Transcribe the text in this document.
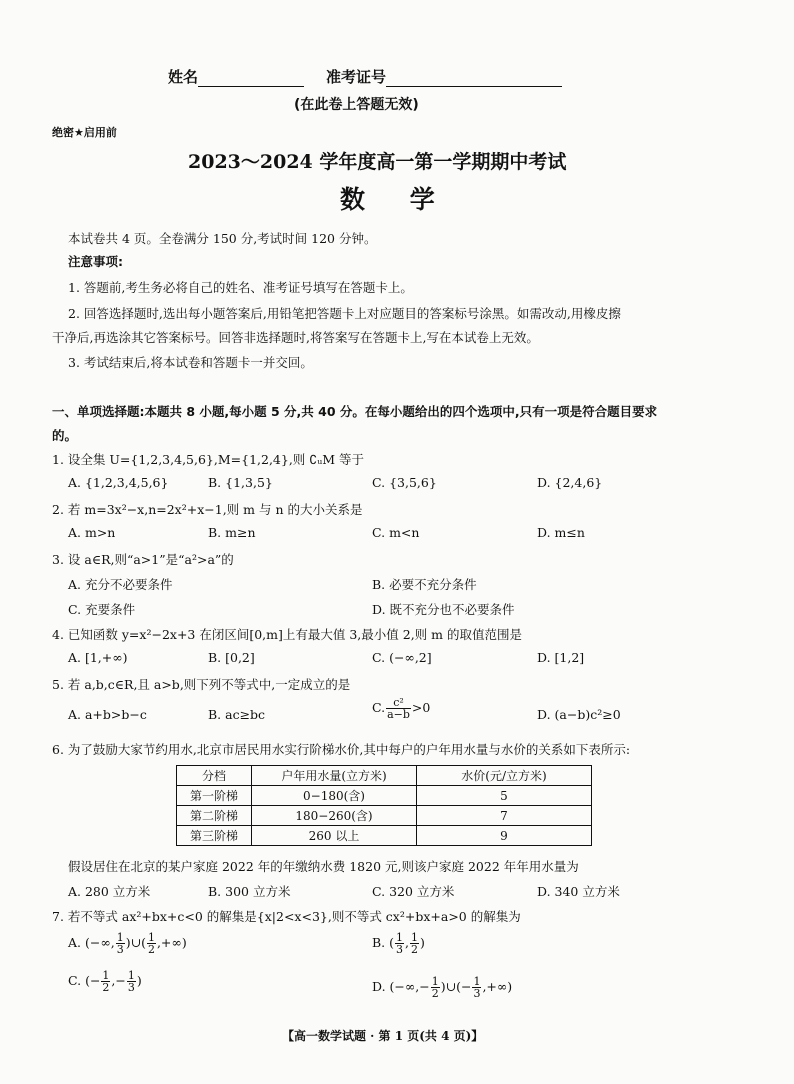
姓名	准考证号
(在此卷上答题无效)
绝密★启用前
2023～2024 学年度高一第一学期期中考试
数 学
本试卷共 4 页。全卷满分 150 分,考试时间 120 分钟。
注意事项:
1. 答题前,考生务必将自己的姓名、准考证号填写在答题卡上。
2. 回答选择题时,选出每小题答案后,用铅笔把答题卡上对应题目的答案标号涂黑。如需改动,用橡皮擦
干净后,再选涂其它答案标号。回答非选择题时,将答案写在答题卡上,写在本试卷上无效。
3. 考试结束后,将本试卷和答题卡一并交回。
一、单项选择题:本题共 8 小题,每小题 5 分,共 40 分。在每小题给出的四个选项中,只有一项是符合题目要求
的。
1. 设全集 U={1,2,3,4,5,6},M={1,2,4},则 ∁ᵤM 等于
A. {1,2,3,4,5,6}	B. {1,3,5}	C. {3,5,6}	D. {2,4,6}
2. 若 m=3x²−x,n=2x²+x−1,则 m 与 n 的大小关系是
A. m>n	B. m≥n	C. m<n	D. m≤n
3. 设 a∈R,则“a>1”是“a²>a”的
A. 充分不必要条件	B. 必要不充分条件
C. 充要条件	D. 既不充分也不必要条件
4. 已知函数 y=x²−2x+3 在闭区间[0,m]上有最大值 3,最小值 2,则 m 的取值范围是
A. [1,+∞)	B. [0,2]	C. (−∞,2]	D. [1,2]
5. 若 a,b,c∈R,且 a>b,则下列不等式中,一定成立的是
A. a+b>b−c	B. ac≥bc	C. $\frac{\text{c²}}{a-b} >0$	D. (a−b)c²≥0
6. 为了鼓励大家节约用水,北京市居民用水实行阶梯水价,其中每户的户年用水量与水价的关系如下表所示:
分档	户年用水量(立方米)	水价(元/立方米)
第一阶梯	0−180(含)	5
第二阶梯	180−260(含)	7
第三阶梯	260 以上	9
假设居住在北京的某户家庭 2022 年的年缴纳水费 1820 元,则该户家庭 2022 年年用水量为
A. 280 立方米	B. 300 立方米	C. 320 立方米	D. 340 立方米
7. 若不等式 ax²+bx+c<0 的解集是{x|2<x<3},则不等式 cx²+bx+a>0 的解集为
A. (−∞, $\frac{1}{3}$ )∪( $\frac{1}{2}$ ,+∞)	B. ( $\frac{1}{3}$ , $\frac{1}{2}$ )
C. (− $\frac{1}{2}$ ,− $\frac{1}{3}$ )	D. (−∞,− $\frac{1}{2}$ )∪(− $\frac{1}{3}$ ,+∞)
【高一数学试题 · 第 1 页(共 4 页)】
